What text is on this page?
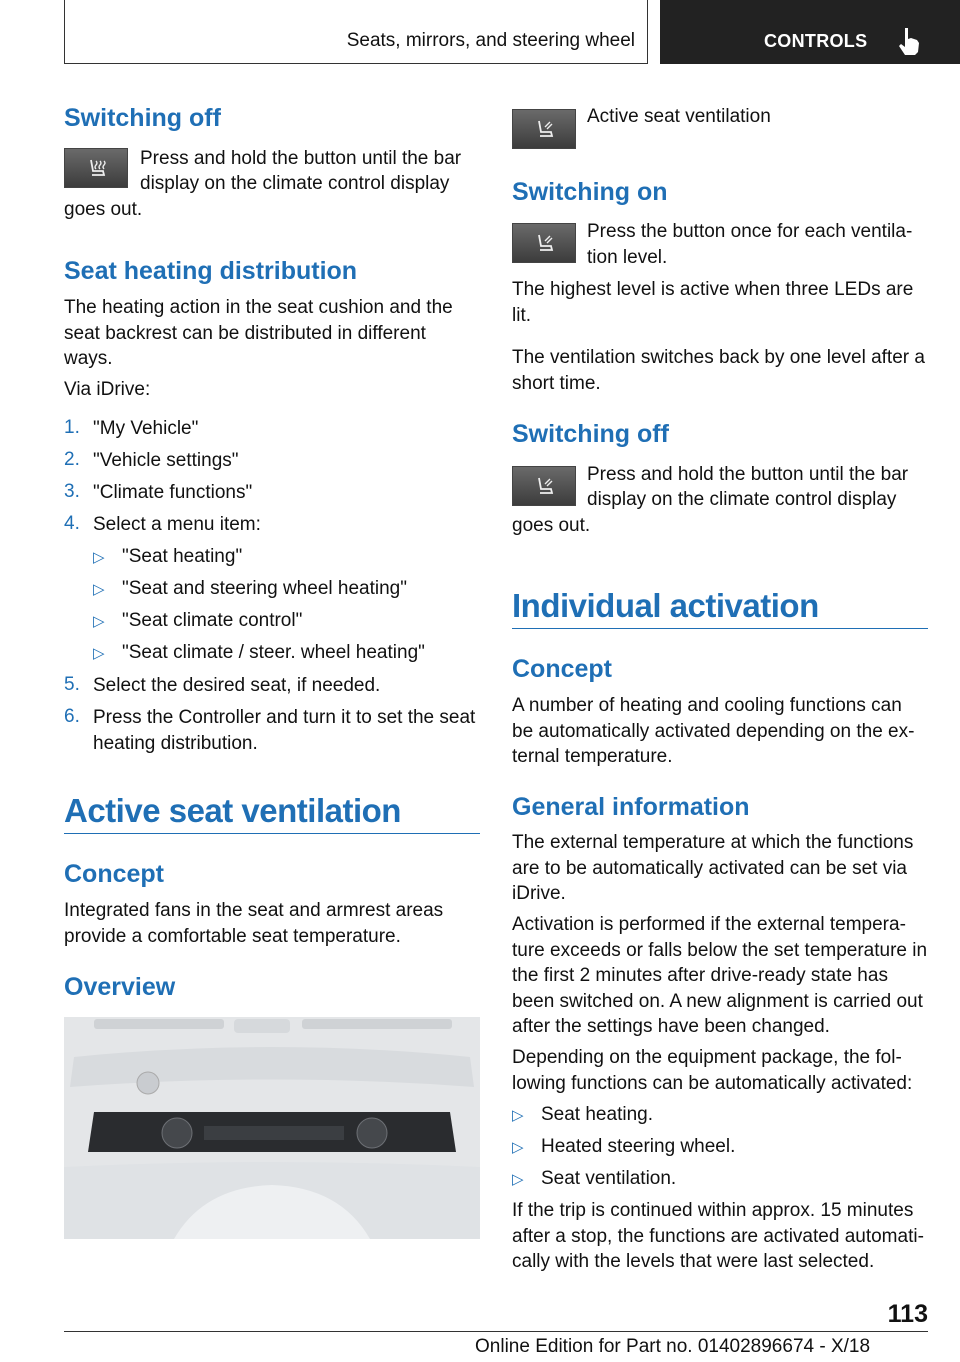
Seats, mirrors, and steering wheel	CONTROLS
Switching off

Press and hold the button until the bar

display on the climate control display

goes out.

Seat heating distribution

The heating action in the seat cushion and the seat backrest can be distributed in different ways.

Via iDrive:

1. "My Vehicle"

2. "Vehicle settings"

3. "Climate functions"

4. Select a menu item:

▷ "Seat heating"

▷ "Seat and steering wheel heating"

▷ "Seat climate control"

▷ "Seat climate / steer. wheel heating"

5. Select the desired seat, if needed.

6. Press the Controller and turn it to set the seat heating distribution.

Active seat ventilation
Concept

Integrated fans in the seat and armrest areas provide a comfortable seat temperature.

Overview

Active seat ventilation

Switching on

Press the button once for each ventila-

tion level.

The highest level is active when three LEDs are lit.

The ventilation switches back by one level after a short time.

Switching off

Press and hold the button until the bar

display on the climate control display

goes out.

Individual activation
Concept

A number of heating and cooling functions can be automatically activated depending on the ex-ternal temperature.

General information

The external temperature at which the functions are to be automatically activated can be set via iDrive.

Activation is performed if the external tempera-ture exceeds or falls below the set temperature in the first 2 minutes after drive-ready state has been switched on. A new alignment is carried out after the settings have been changed.

Depending on the equipment package, the fol-lowing functions can be automatically activated:

▷ Seat heating.

▷ Heated steering wheel.

▷ Seat ventilation.

If the trip is continued within approx. 15 minutes after a stop, the functions are activated automati-cally with the levels that were last selected.

113
Online Edition for Part no. 01402896674 - X/18
